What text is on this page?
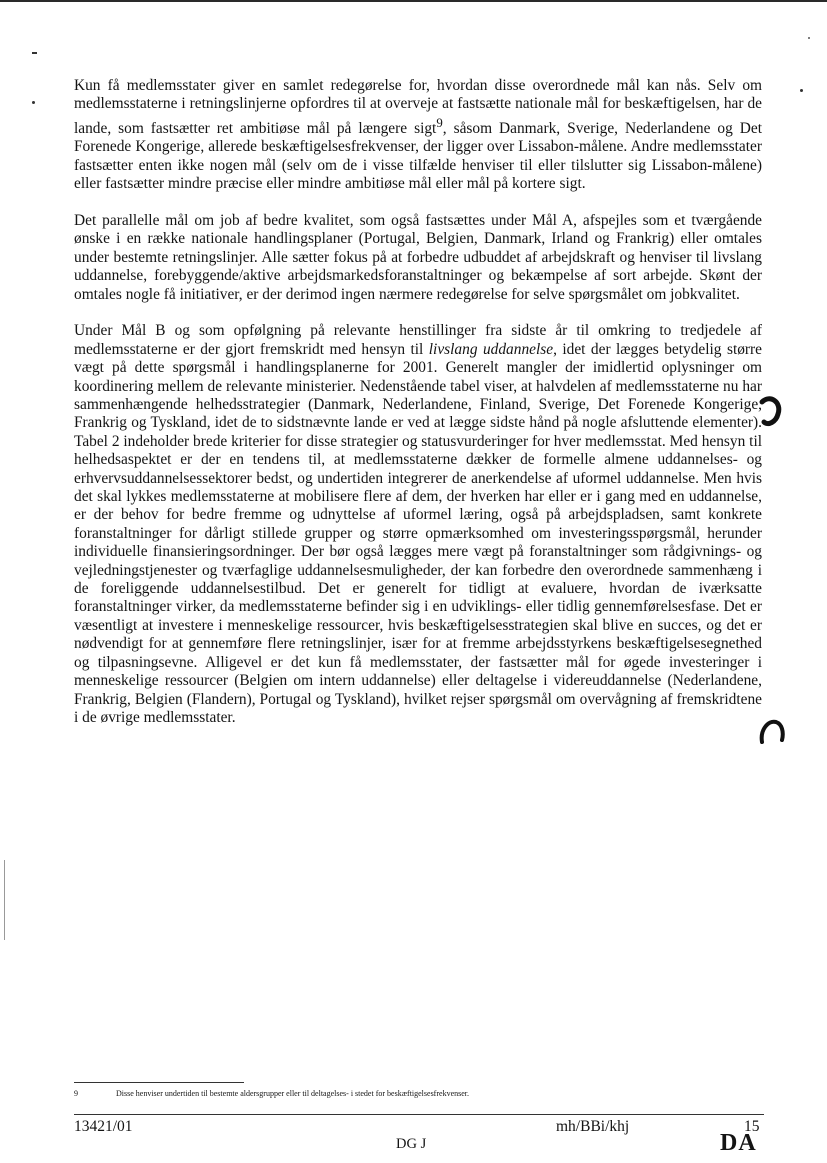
Kun få medlemsstater giver en samlet redegørelse for, hvordan disse overordnede mål kan nås. Selv om medlemsstaterne i retningslinjerne opfordres til at overveje at fastsætte nationale mål for beskæftigelsen, har de lande, som fastsætter ret ambitiøse mål på længere sigt$^9$, såsom Danmark, Sverige, Nederlandene og Det Forenede Kongerige, allerede beskæftigelsesfrekvenser, der ligger over Lissabon-målene. Andre medlemsstater fastsætter enten ikke nogen mål (selv om de i visse tilfælde henviser til eller tilslutter sig Lissabon-målene) eller fastsætter mindre præcise eller mindre ambitiøse mål eller mål på kortere sigt.

Det parallelle mål om job af bedre kvalitet, som også fastsættes under Mål A, afspejles som et tværgående ønske i en række nationale handlingsplaner (Portugal, Belgien, Danmark, Irland og Frankrig) eller omtales under bestemte retningslinjer. Alle sætter fokus på at forbedre udbuddet af arbejdskraft og henviser til livslang uddannelse, forebyggende/aktive arbejdsmarkedsforanstaltninger og bekæmpelse af sort arbejde. Skønt der omtales nogle få initiativer, er der derimod ingen nærmere redegørelse for selve spørgsmålet om jobkvalitet.

Under Mål B og som opfølgning på relevante henstillinger fra sidste år til omkring to tredjedele af medlemsstaterne er der gjort fremskridt med hensyn til livslang uddannelse, idet der lægges betydelig større vægt på dette spørgsmål i handlingsplanerne for 2001. Generelt mangler der imidlertid oplysninger om koordinering mellem de relevante ministerier. Nedenstående tabel viser, at halvdelen af medlemsstaterne nu har sammenhængende helhedsstrategier (Danmark, Nederlandene, Finland, Sverige, Det Forenede Kongerige, Frankrig og Tyskland, idet de to sidstnævnte lande er ved at lægge sidste hånd på nogle afsluttende elementer). Tabel 2 indeholder brede kriterier for disse strategier og statusvurderinger for hver medlemsstat. Med hensyn til helhedsaspektet er der en tendens til, at medlemsstaterne dækker de formelle almene uddannelses- og erhvervsuddannelsessektorer bedst, og undertiden integrerer de anerkendelse af uformel uddannelse. Men hvis det skal lykkes medlemsstaterne at mobilisere flere af dem, der hverken har eller er i gang med en uddannelse, er der behov for bedre fremme og udnyttelse af uformel læring, også på arbejdspladsen, samt konkrete foranstaltninger for dårligt stillede grupper og større opmærksomhed om investeringsspørgsmål, herunder individuelle finansieringsordninger. Der bør også lægges mere vægt på foranstaltninger som rådgivnings- og vejledningstjenester og tværfaglige uddannelsesmuligheder, der kan forbedre den overordnede sammenhæng i de foreliggende uddannelsestilbud. Det er generelt for tidligt at evaluere, hvordan de iværksatte foranstaltninger virker, da medlemsstaterne befinder sig i en udviklings- eller tidlig gennemførelsesfase. Det er væsentligt at investere i menneskelige ressourcer, hvis beskæftigelsesstrategien skal blive en succes, og det er nødvendigt for at gennemføre flere retningslinjer, især for at fremme arbejdsstyrkens beskæftigelsesegnethed og tilpasningsevne. Alligevel er det kun få medlemsstater, der fastsætter mål for øgede investeringer i menneskelige ressourcer (Belgien om intern uddannelse) eller deltagelse i videreuddannelse (Nederlandene, Frankrig, Belgien (Flandern), Portugal og Tyskland), hvilket rejser spørgsmål om overvågning af fremskridtene i de øvrige medlemsstater.

9	Disse henviser undertiden til bestemte aldersgrupper eller til deltagelses- i stedet for beskæftigelsesfrekvenser.
13421/01	mh/BBi/khj	15
DG J	DA
